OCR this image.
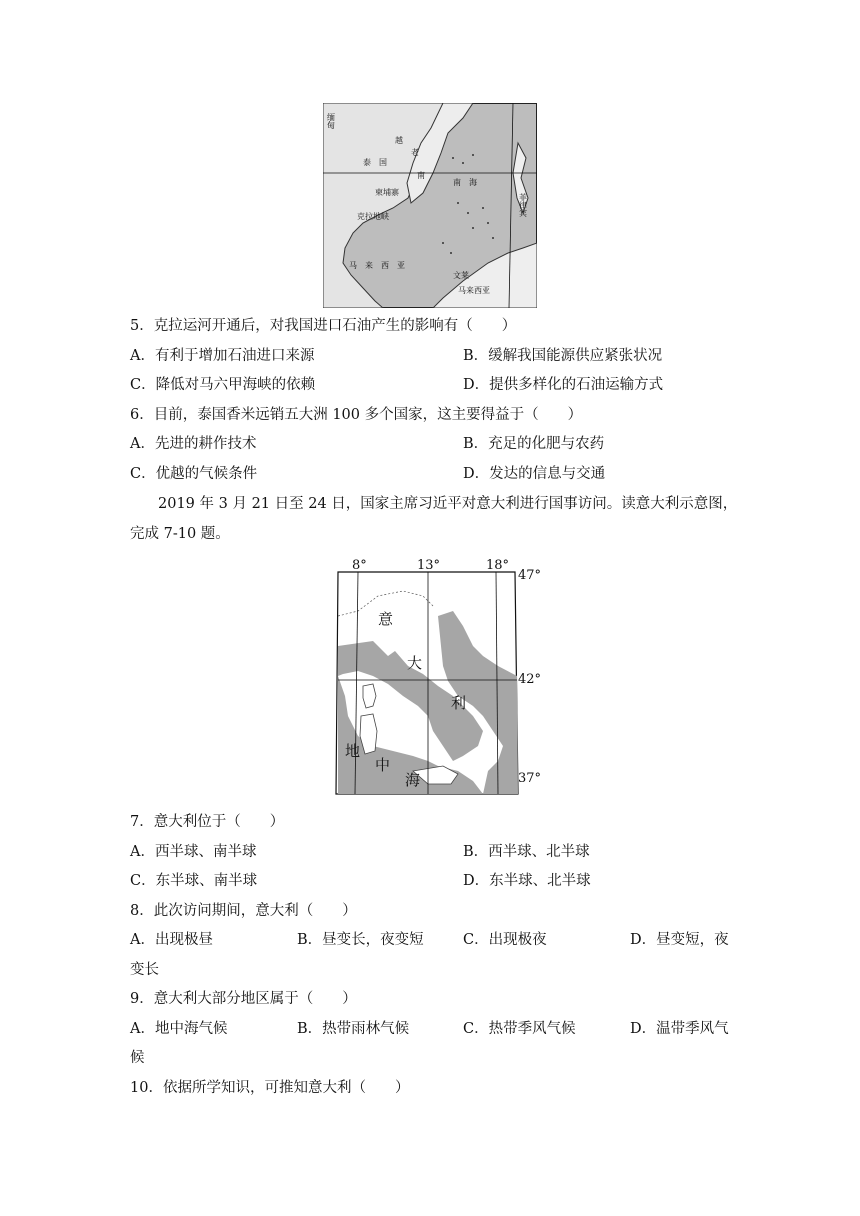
缅甸
越
老
泰　国
柬埔寨
南
南　海
菲律宾
克拉地峡
马　来　西　亚
文莱
马来西亚
5．克拉运河开通后，对我国进口石油产生的影响有（　　）
A．有利于增加石油进口来源	B．缓解我国能源供应紧张状况
C．降低对马六甲海峡的依赖	D．提供多样化的石油运输方式
6．目前，泰国香米远销五大洲 100 多个国家，这主要得益于（　　）
A．先进的耕作技术	B．充足的化肥与农药
C．优越的气候条件	D．发达的信息与交通
2019 年 3 月 21 日至 24 日，国家主席习近平对意大利进行国事访问。读意大利示意图，
完成 7-10 题。
8°	13°	18°
47°
42°
37°
意
大
利
地
中
海
7．意大利位于（　　）
A．西半球、南半球	B．西半球、北半球
C．东半球、南半球	D．东半球、北半球
8．此次访问期间，意大利（　　）
A．出现极昼	B．昼变长，夜变短	C．出现极夜	D．昼变短，夜
变长
9．意大利大部分地区属于（　　）
A．地中海气候	B．热带雨林气候	C．热带季风气候	D．温带季风气
候
10．依据所学知识，可推知意大利（　　）
